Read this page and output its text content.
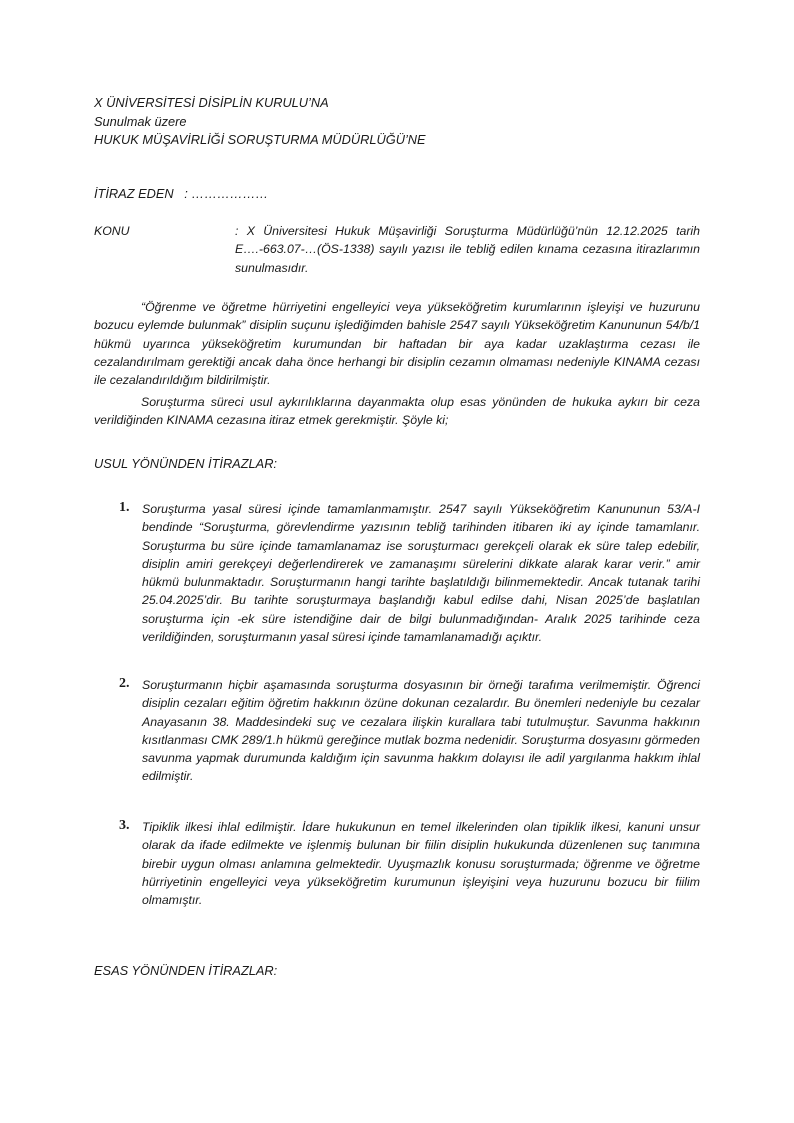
X ÜNİVERSİTESİ DİSİPLİN KURULU’NA
Sunulmak üzere
HUKUK MÜŞAVİRLİĞİ SORUŞTURMA MÜDÜRLÜĞÜ’NE
İTİRAZ EDEN   : ………………
KONU	: X Üniversitesi Hukuk Müşavirliği Soruşturma Müdürlüğü’nün 12.12.2025 tarih E….-663.07-…(ÖS-1338) sayılı yazısı ile tebliğ edilen kınama cezasına itirazlarımın sunulmasıdır.
“Öğrenme ve öğretme hürriyetini engelleyici veya yükseköğretim kurumlarının işleyişi ve huzurunu bozucu eylemde bulunmak” disiplin suçunu işlediğimden bahisle 2547 sayılı Yükseköğretim Kanununun 54/b/1 hükmü uyarınca yükseköğretim kurumundan bir haftadan bir aya kadar uzaklaştırma cezası ile cezalandırılmam gerektiği ancak daha önce herhangi bir disiplin cezamın olmaması nedeniyle KINAMA cezası ile cezalandırıldığım bildirilmiştir.
Soruşturma süreci usul aykırılıklarına dayanmakta olup esas yönünden de hukuka aykırı bir ceza verildiğinden KINAMA cezasına itiraz etmek gerekmiştir. Şöyle ki;
USUL YÖNÜNDEN İTİRAZLAR:
1. Soruşturma yasal süresi içinde tamamlanmamıştır. 2547 sayılı Yükseköğretim Kanununun 53/A-I bendinde “Soruşturma, görevlendirme yazısının tebliğ tarihinden itibaren iki ay içinde tamamlanır. Soruşturma bu süre içinde tamamlanamaz ise soruşturmacı gerekçeli olarak ek süre talep edebilir, disiplin amiri gerekçeyi değerlendirerek ve zamanaşımı sürelerini dikkate alarak karar verir.” amir hükmü bulunmaktadır. Soruşturmanın hangi tarihte başlatıldığı bilinmemektedir. Ancak tutanak tarihi 25.04.2025’dir. Bu tarihte soruşturmaya başlandığı kabul edilse dahi, Nisan 2025’de başlatılan soruşturma için -ek süre istendiğine dair de bilgi bulunmadığından- Aralık 2025 tarihinde ceza verildiğinden, soruşturmanın yasal süresi içinde tamamlanamadığı açıktır.
2. Soruşturmanın hiçbir aşamasında soruşturma dosyasının bir örneği tarafıma verilmemiştir. Öğrenci disiplin cezaları eğitim öğretim hakkının özüne dokunan cezalardır. Bu önemleri nedeniyle bu cezalar Anayasanın 38. Maddesindeki suç ve cezalara ilişkin kurallara tabi tutulmuştur. Savunma hakkının kısıtlanması CMK 289/1.h hükmü gereğince mutlak bozma nedenidir. Soruşturma dosyasını görmeden savunma yapmak durumunda kaldığım için savunma hakkım dolayısı ile adil yargılanma hakkım ihlal edilmiştir.
3. Tipiklik ilkesi ihlal edilmiştir. İdare hukukunun en temel ilkelerinden olan tipiklik ilkesi, kanuni unsur olarak da ifade edilmekte ve işlenmiş bulunan bir fiilin disiplin hukukunda düzenlenen suç tanımına birebir uygun olması anlamına gelmektedir. Uyuşmazlık konusu soruşturmada; öğrenme ve öğretme hürriyetinin engelleyici veya yükseköğretim kurumunun işleyişini veya huzurunu bozucu bir fiilim olmamıştır.
ESAS YÖNÜNDEN İTİRAZLAR:
